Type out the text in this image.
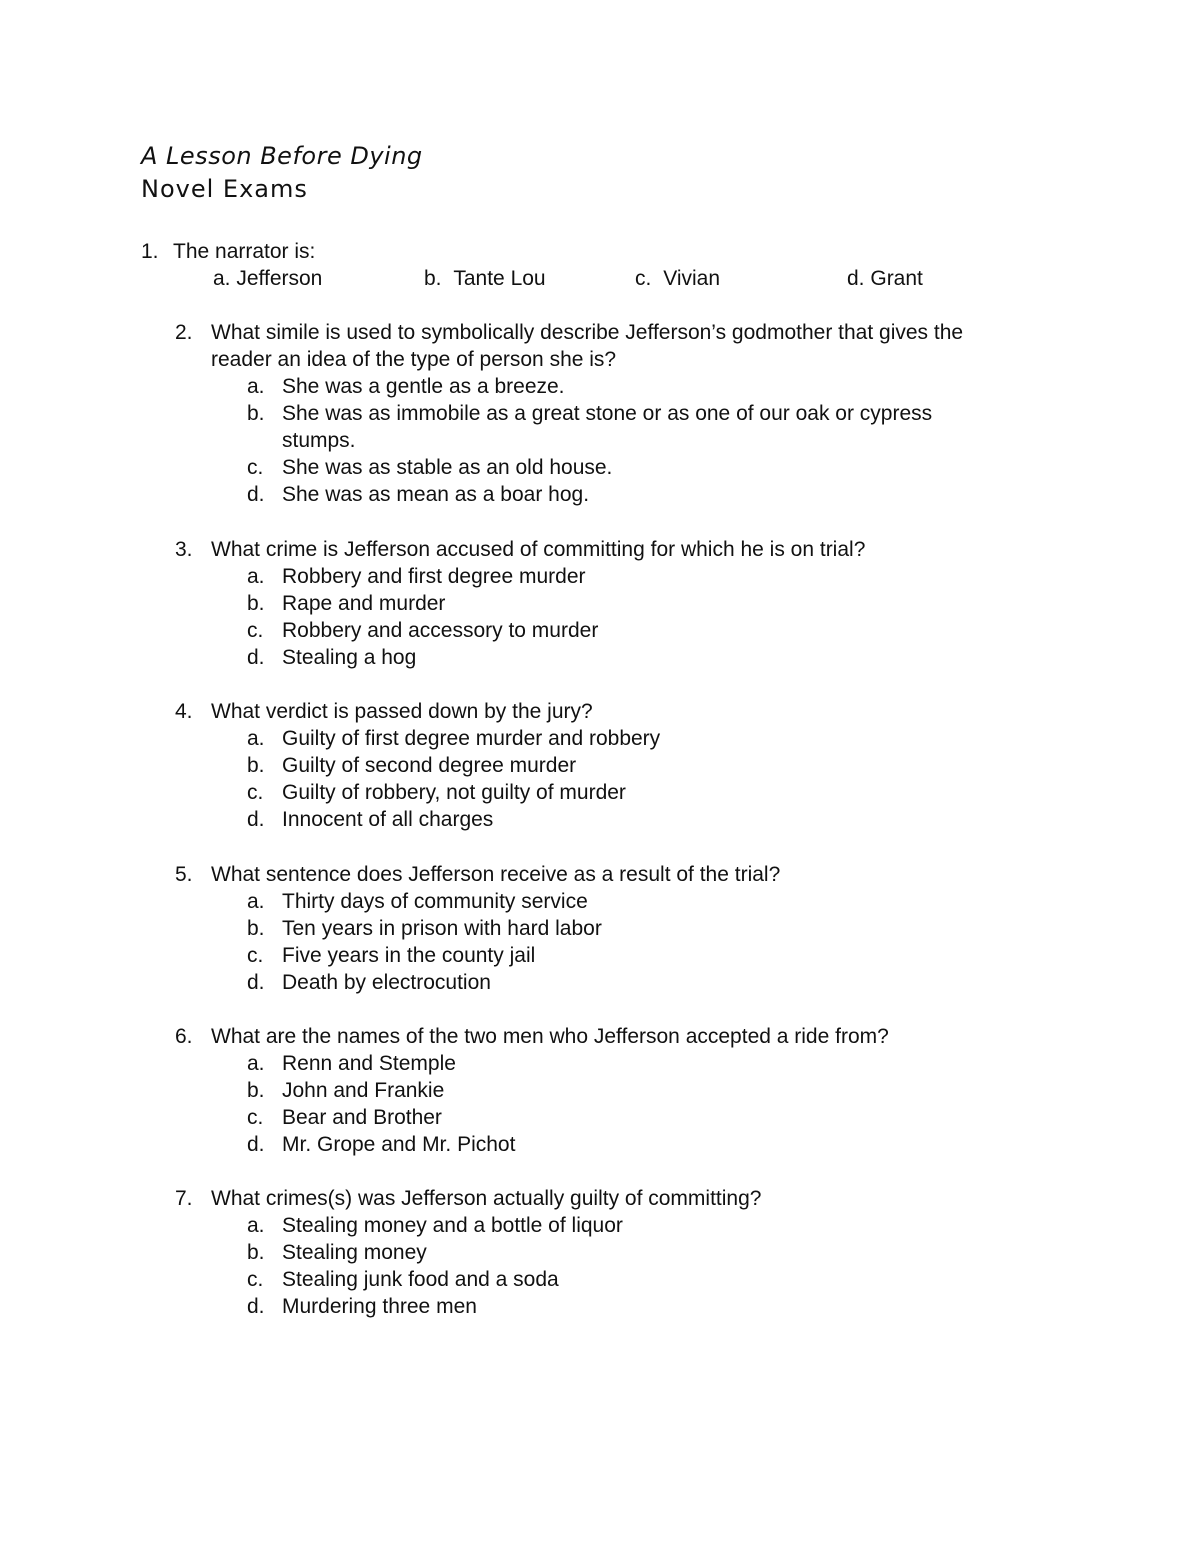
A Lesson Before Dying
Novel Exams
1. The narrator is:
a. Jefferson	b. Tante Lou	c. Vivian	d. Grant
2. What simile is used to symbolically describe Jefferson’s godmother that gives the
reader an idea of the type of person she is?
a. She was a gentle as a breeze.
b. She was as immobile as a great stone or as one of our oak or cypress
stumps.
c. She was as stable as an old house.
d. She was as mean as a boar hog.
3. What crime is Jefferson accused of committing for which he is on trial?
a. Robbery and first degree murder
b. Rape and murder
c. Robbery and accessory to murder
d. Stealing a hog
4. What verdict is passed down by the jury?
a. Guilty of first degree murder and robbery
b. Guilty of second degree murder
c. Guilty of robbery, not guilty of murder
d. Innocent of all charges
5. What sentence does Jefferson receive as a result of the trial?
a. Thirty days of community service
b. Ten years in prison with hard labor
c. Five years in the county jail
d. Death by electrocution
6. What are the names of the two men who Jefferson accepted a ride from?
a. Renn and Stemple
b. John and Frankie
c. Bear and Brother
d. Mr. Grope and Mr. Pichot
7. What crimes(s) was Jefferson actually guilty of committing?
a. Stealing money and a bottle of liquor
b. Stealing money
c. Stealing junk food and a soda
d. Murdering three men
